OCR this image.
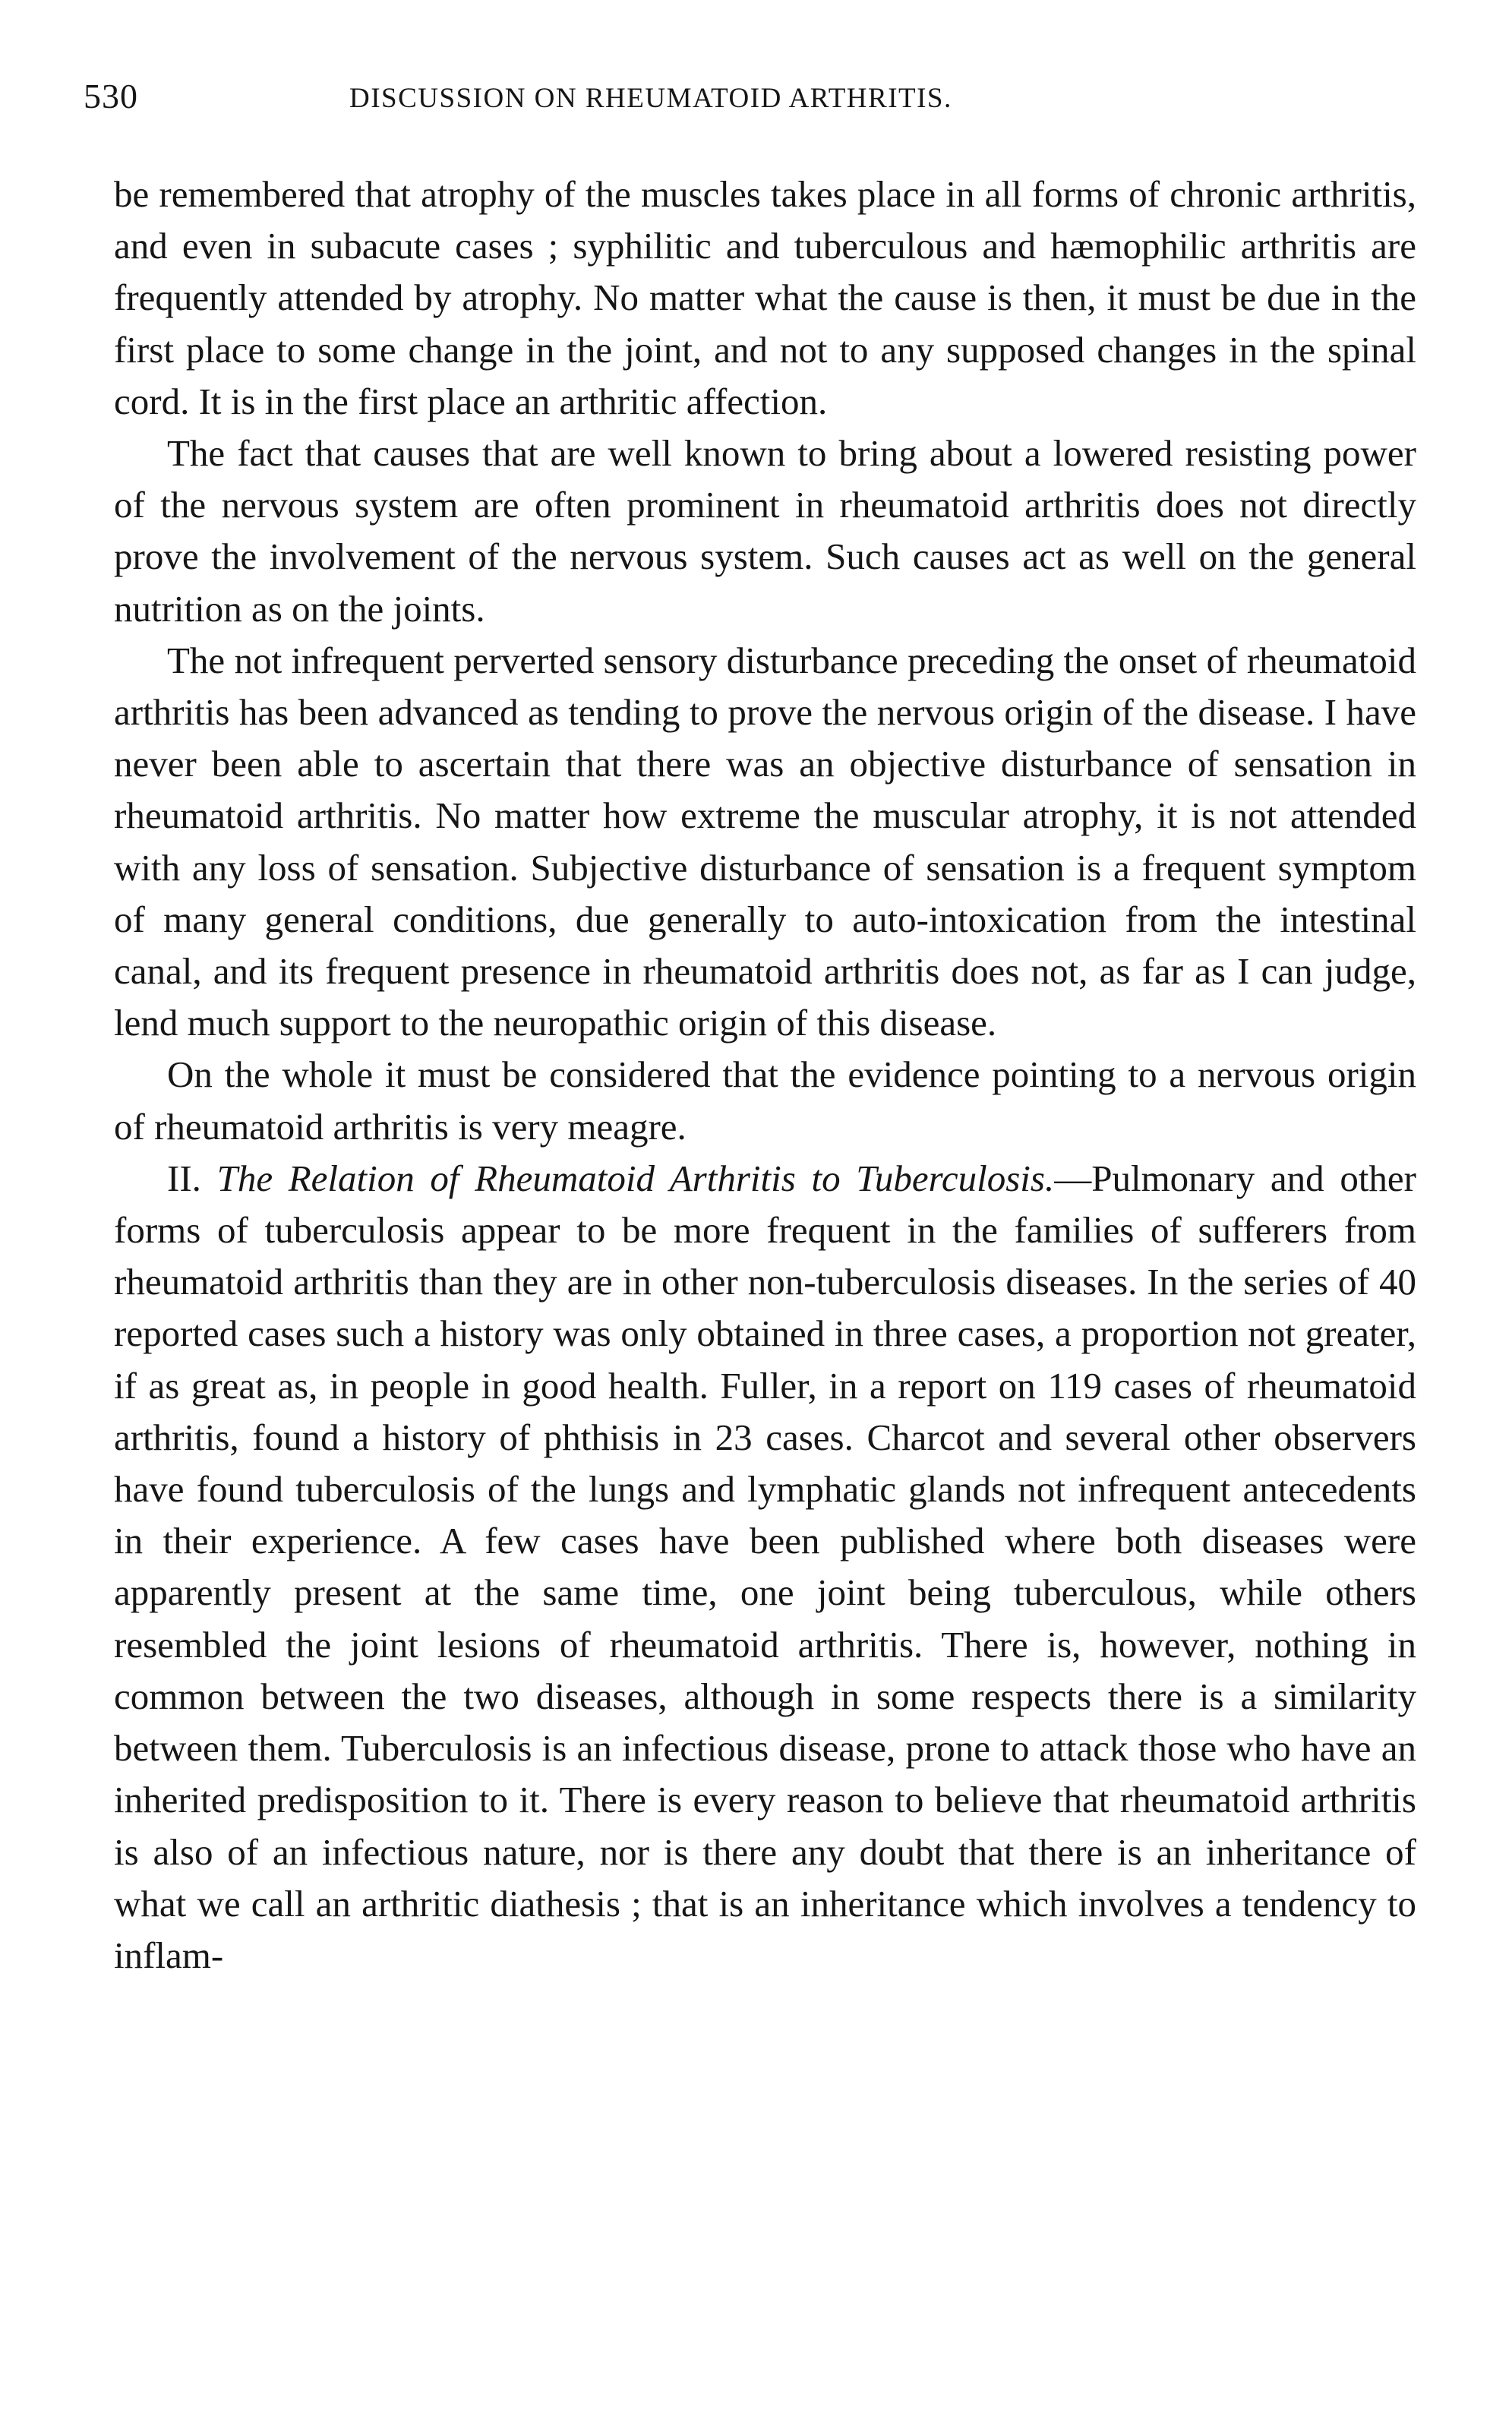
530	DISCUSSION ON RHEUMATOID ARTHRITIS.

be remembered that atrophy of the muscles takes place in all forms of chronic arthritis, and even in subacute cases ; syphilitic and tuberculous and hæmophilic arthritis are frequently attended by atrophy. No matter what the cause is then, it must be due in the first place to some change in the joint, and not to any supposed changes in the spinal cord. It is in the first place an arthritic affection.

The fact that causes that are well known to bring about a lowered resisting power of the nervous system are often prominent in rheumatoid arthritis does not directly prove the involvement of the nervous system. Such causes act as well on the general nutrition as on the joints.

The not infrequent perverted sensory disturbance preceding the onset of rheumatoid arthritis has been advanced as tending to prove the nervous origin of the disease. I have never been able to ascertain that there was an objective disturbance of sensation in rheumatoid arthritis. No matter how extreme the muscular atrophy, it is not attended with any loss of sensation. Subjective disturbance of sensation is a frequent symptom of many general conditions, due generally to auto-intoxication from the intestinal canal, and its frequent presence in rheumatoid arthritis does not, as far as I can judge, lend much support to the neuropathic origin of this disease.

On the whole it must be considered that the evidence pointing to a nervous origin of rheumatoid arthritis is very meagre.

II. The Relation of Rheumatoid Arthritis to Tuberculosis.—Pulmonary and other forms of tuberculosis appear to be more frequent in the families of sufferers from rheumatoid arthritis than they are in other non-tuberculosis diseases. In the series of 40 reported cases such a history was only obtained in three cases, a proportion not greater, if as great as, in people in good health. Fuller, in a report on 119 cases of rheumatoid arthritis, found a history of phthisis in 23 cases. Charcot and several other observers have found tuberculosis of the lungs and lymphatic glands not infrequent antecedents in their experience. A few cases have been published where both diseases were apparently present at the same time, one joint being tuberculous, while others resembled the joint lesions of rheumatoid arthritis. There is, however, nothing in common between the two diseases, although in some respects there is a similarity between them. Tuberculosis is an infectious disease, prone to attack those who have an inherited predisposition to it. There is every reason to believe that rheumatoid arthritis is also of an infectious nature, nor is there any doubt that there is an inheritance of what we call an arthritic diathesis ; that is an inheritance which involves a tendency to inflam-
